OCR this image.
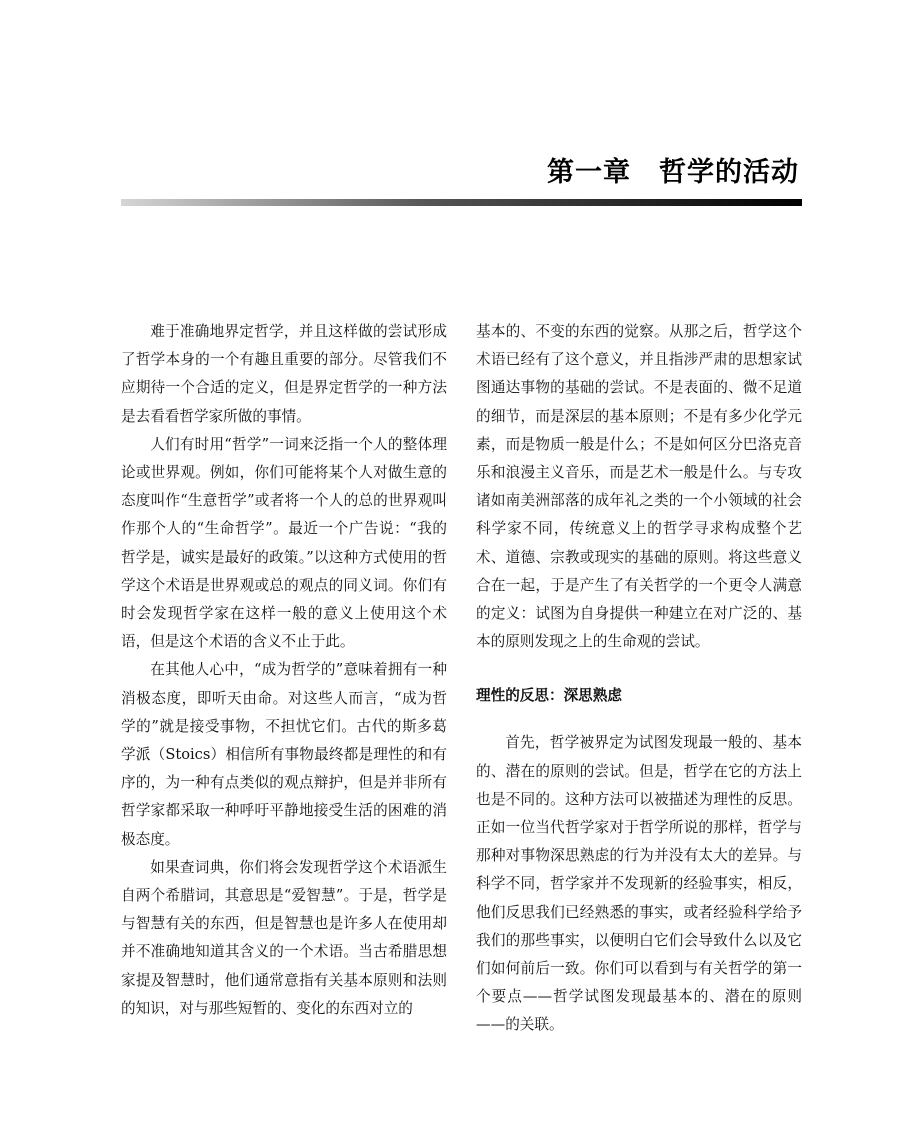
第一章　哲学的活动

难于准确地界定哲学，并且这样做的尝试形成了哲学本身的一个有趣且重要的部分。尽管我们不应期待一个合适的定义，但是界定哲学的一种方法是去看看哲学家所做的事情。

人们有时用“哲学”一词来泛指一个人的整体理论或世界观。例如，你们可能将某个人对做生意的态度叫作“生意哲学”或者将一个人的总的世界观叫作那个人的“生命哲学”。最近一个广告说：“我的哲学是，诚实是最好的政策。”以这种方式使用的哲学这个术语是世界观或总的观点的同义词。你们有时会发现哲学家在这样一般的意义上使用这个术语，但是这个术语的含义不止于此。

在其他人心中，“成为哲学的”意味着拥有一种消极态度，即听天由命。对这些人而言，“成为哲学的”就是接受事物，不担忧它们。古代的斯多葛学派（Stoics）相信所有事物最终都是理性的和有序的，为一种有点类似的观点辩护，但是并非所有哲学家都采取一种呼吁平静地接受生活的困难的消极态度。

如果查词典，你们将会发现哲学这个术语派生自两个希腊词，其意思是“爱智慧”。于是，哲学是与智慧有关的东西，但是智慧也是许多人在使用却并不准确地知道其含义的一个术语。当古希腊思想家提及智慧时，他们通常意指有关基本原则和法则的知识，对与那些短暂的、变化的东西对立的

基本的、不变的东西的觉察。从那之后，哲学这个术语已经有了这个意义，并且指涉严肃的思想家试图通达事物的基础的尝试。不是表面的、微不足道的细节，而是深层的基本原则；不是有多少化学元素，而是物质一般是什么；不是如何区分巴洛克音乐和浪漫主义音乐，而是艺术一般是什么。与专攻诸如南美洲部落的成年礼之类的一个小领域的社会科学家不同，传统意义上的哲学寻求构成整个艺术、道德、宗教或现实的基础的原则。将这些意义合在一起，于是产生了有关哲学的一个更令人满意的定义：试图为自身提供一种建立在对广泛的、基本的原则发现之上的生命观的尝试。

理性的反思：深思熟虑

首先，哲学被界定为试图发现最一般的、基本的、潜在的原则的尝试。但是，哲学在它的方法上也是不同的。这种方法可以被描述为理性的反思。正如一位当代哲学家对于哲学所说的那样，哲学与那种对事物深思熟虑的行为并没有太大的差异。与科学不同，哲学家并不发现新的经验事实，相反，他们反思我们已经熟悉的事实，或者经验科学给予我们的那些事实，以便明白它们会导致什么以及它们如何前后一致。你们可以看到与有关哲学的第一个要点——哲学试图发现最基本的、潜在的原则——的关联。
